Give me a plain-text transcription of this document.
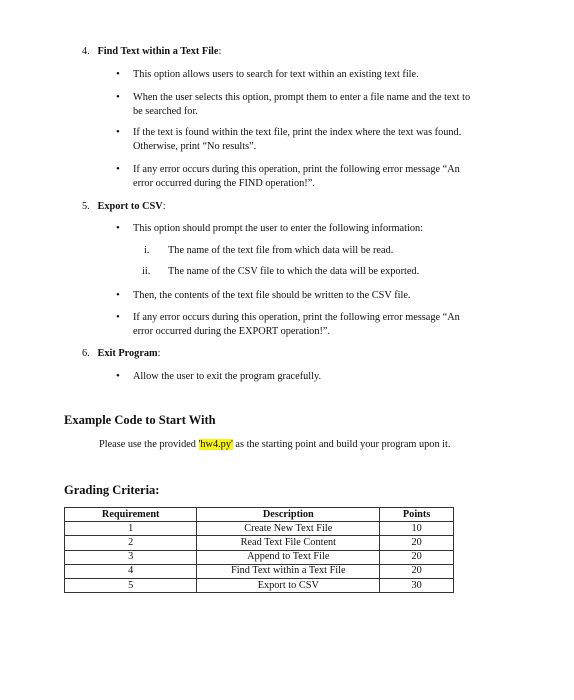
4. Find Text within a Text File:
• This option allows users to search for text within an existing text file.
• When the user selects this option, prompt them to enter a file name and the text to
be searched for.
• If the text is found within the text file, print the index where the text was found.
Otherwise, print “No results”.
• If any error occurs during this operation, print the following error message “An
error occurred during the FIND operation!”.
5. Export to CSV:
• This option should prompt the user to enter the following information:
i. The name of the text file from which data will be read.
ii. The name of the CSV file to which the data will be exported.
• Then, the contents of the text file should be written to the CSV file.
• If any error occurs during this operation, print the following error message “An
error occurred during the EXPORT operation!”.
6. Exit Program:
• Allow the user to exit the program gracefully.
Example Code to Start With
Please use the provided 'hw4.py' as the starting point and build your program upon it.
Grading Criteria:
Requirement	Description	Points
1	Create New Text File	10
2	Read Text File Content	20
3	Append to Text File	20
4	Find Text within a Text File	20
5	Export to CSV	30
